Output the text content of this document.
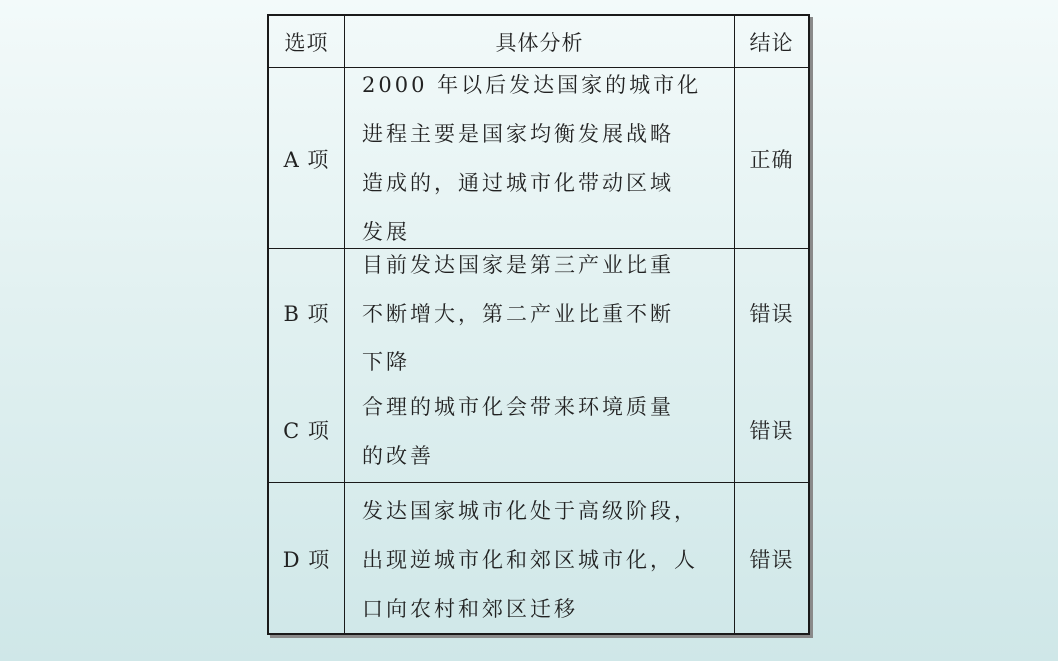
选项	具体分析	结论
A 项
2000 年以后发达国家的城市化
进程主要是国家均衡发展战略
造成的，通过城市化带动区域
发展
正确
B 项
目前发达国家是第三产业比重
不断增大，第二产业比重不断
下降
错误
C 项
合理的城市化会带来环境质量
的改善
错误
D 项
发达国家城市化处于高级阶段，
出现逆城市化和郊区城市化，人
口向农村和郊区迁移
错误
